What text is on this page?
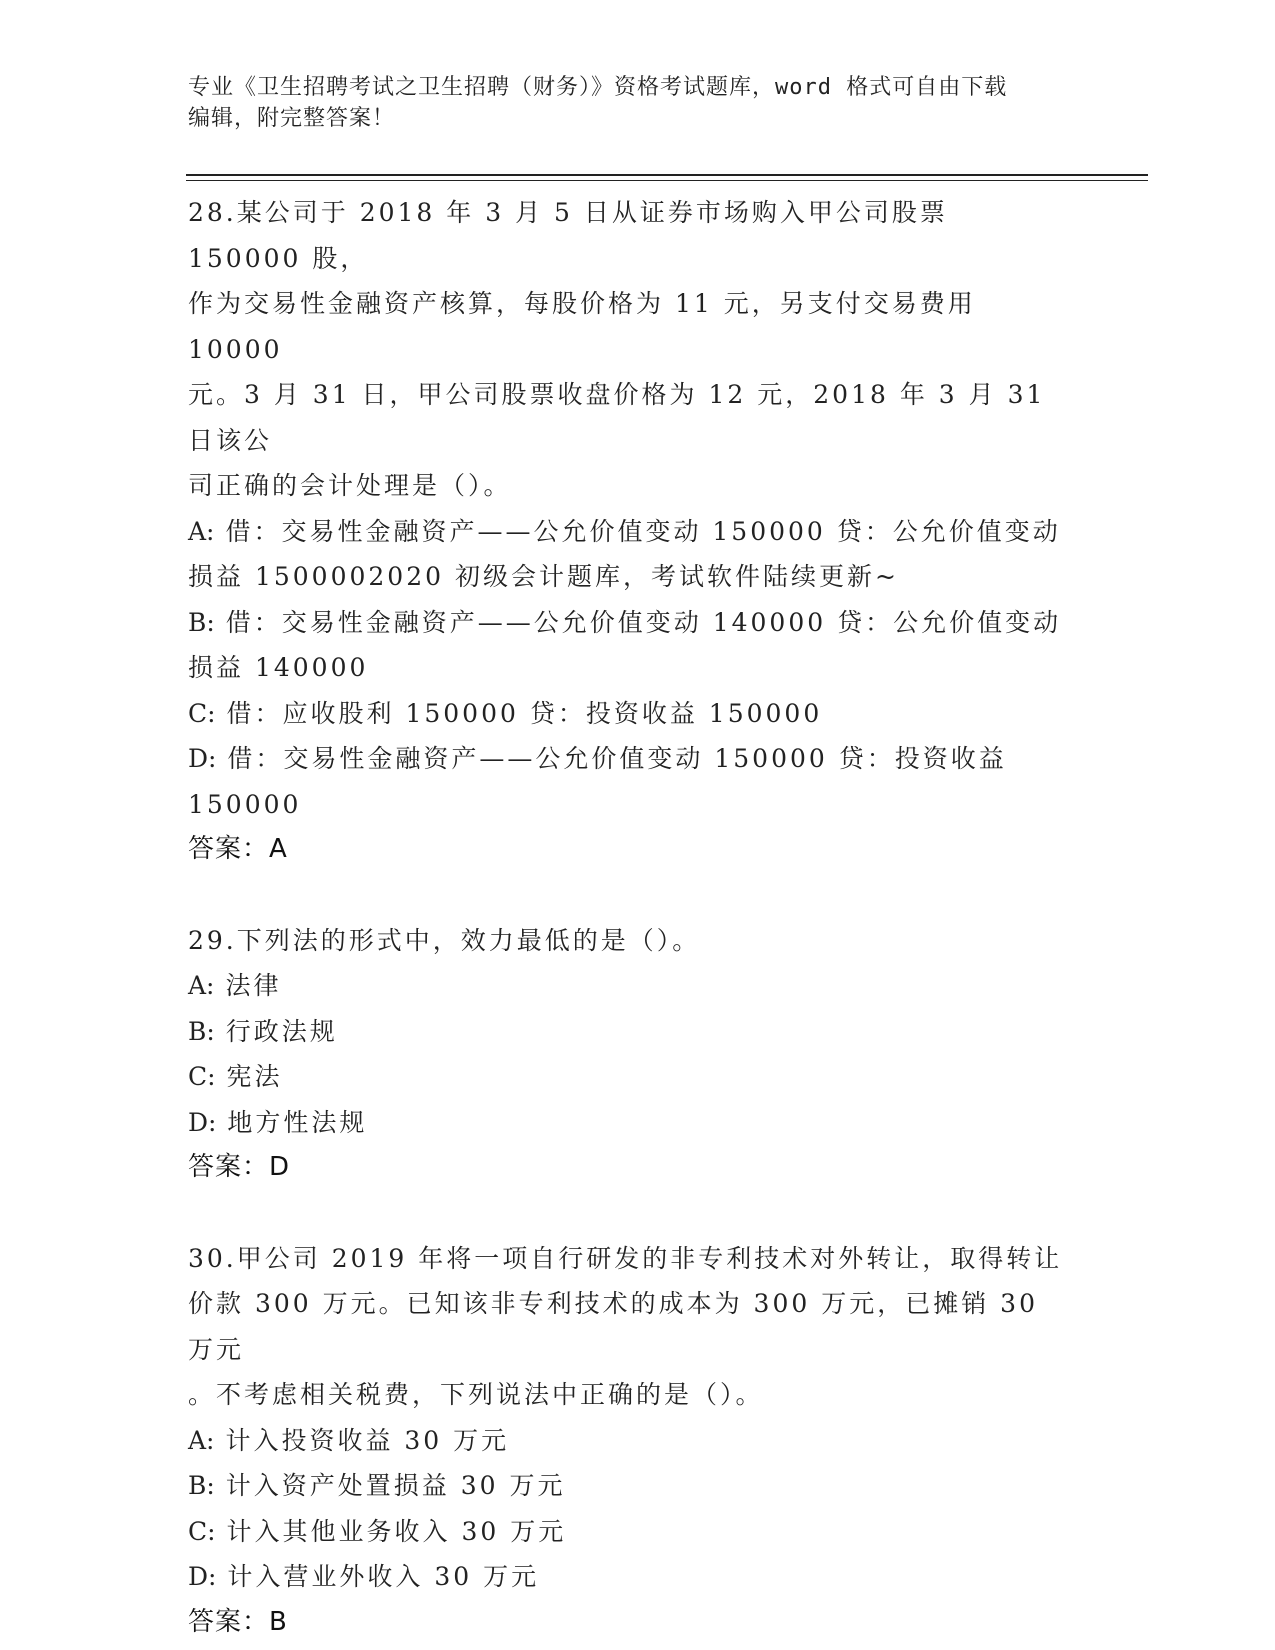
专业《卫生招聘考试之卫生招聘（财务）》资格考试题库，word 格式可自由下载
编辑，附完整答案！

28.某公司于 2018 年 3 月 5 日从证券市场购入甲公司股票 150000 股，

作为交易性金融资产核算，每股价格为 11 元，另支付交易费用 10000

元。3 月 31 日，甲公司股票收盘价格为 12 元，2018 年 3 月 31 日该公

司正确的会计处理是（）。

A: 借：交易性金融资产——公允价值变动 150000 贷：公允价值变动

损益 1500002020 初级会计题库，考试软件陆续更新~

B: 借：交易性金融资产——公允价值变动 140000 贷：公允价值变动

损益 140000

C: 借：应收股利 150000 贷：投资收益 150000

D: 借：交易性金融资产——公允价值变动 150000 贷：投资收益

150000

答案：A

29.下列法的形式中，效力最低的是（）。

A: 法律

B: 行政法规

C: 宪法

D: 地方性法规

答案：D

30.甲公司 2019 年将一项自行研发的非专利技术对外转让，取得转让

价款 300 万元。已知该非专利技术的成本为 300 万元，已摊销 30 万元

。不考虑相关税费，下列说法中正确的是（）。

A: 计入投资收益 30 万元

B: 计入资产处置损益 30 万元

C: 计入其他业务收入 30 万元

D: 计入营业外收入 30 万元

答案：B
